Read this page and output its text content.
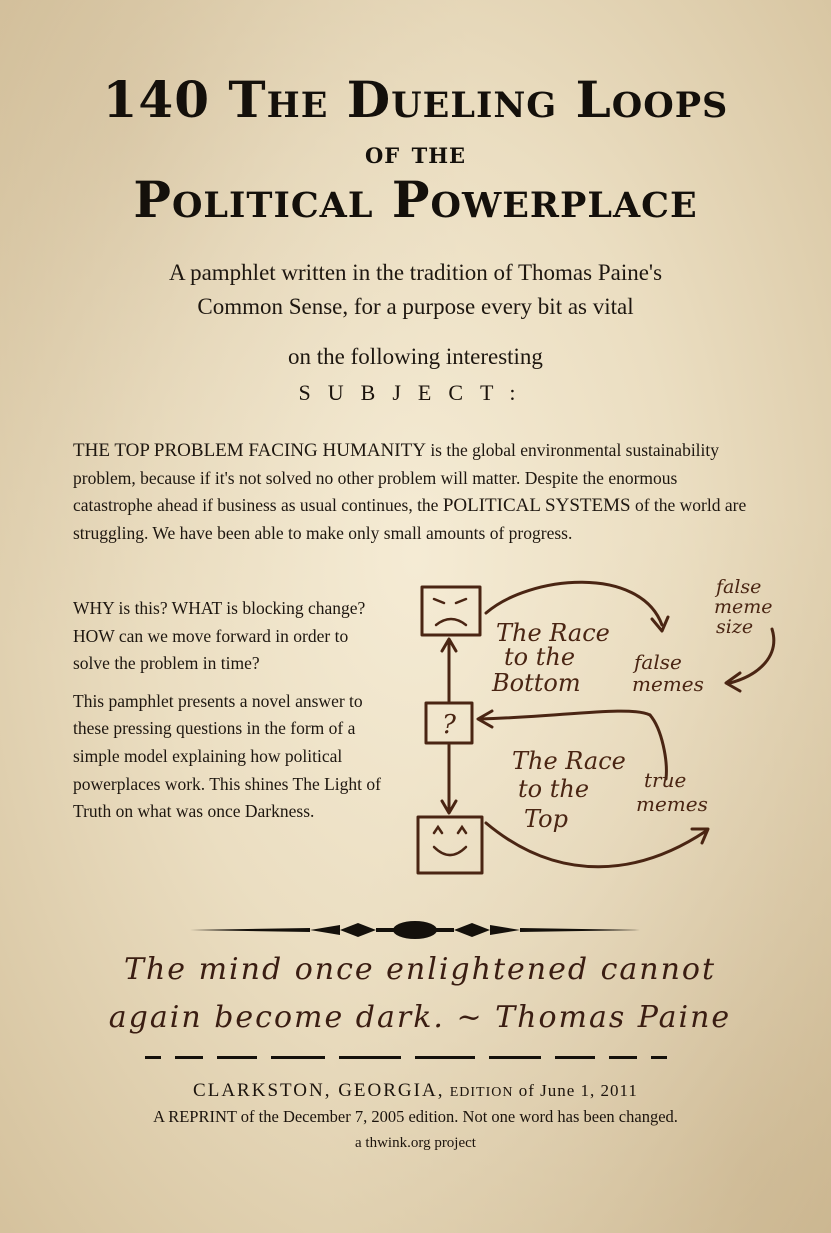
140 The Dueling Loops
of the
Political Powerplace
A pamphlet written in the tradition of Thomas Paine's
Common Sense, for a purpose every bit as vital
on the following interesting
SUBJECT:
THE TOP PROBLEM FACING HUMANITY is the global environmental sustainability problem, because if it's not solved no other problem will matter. Despite the enormous catastrophe ahead if business as usual continues, the POLITICAL SYSTEMS of the world are struggling. We have been able to make only small amounts of progress.

WHY is this? WHAT is blocking change? HOW can we move forward in order to solve the problem in time?

This pamphlet presents a novel answer to these pressing questions in the form of a simple model explaining how political powerplaces work. This shines The Light of Truth on what was once Darkness.

?
The Race
to the
Bottom
The Race
to the
Top
false
meme
size
false
memes
true
memes
The mind once enlightened cannot
again become dark. ~ Thomas Paine
CLARKSTON, GEORGIA, EDITION of June 1, 2011
A REPRINT of the December 7, 2005 edition. Not one word has been changed.
a thwink.org project
